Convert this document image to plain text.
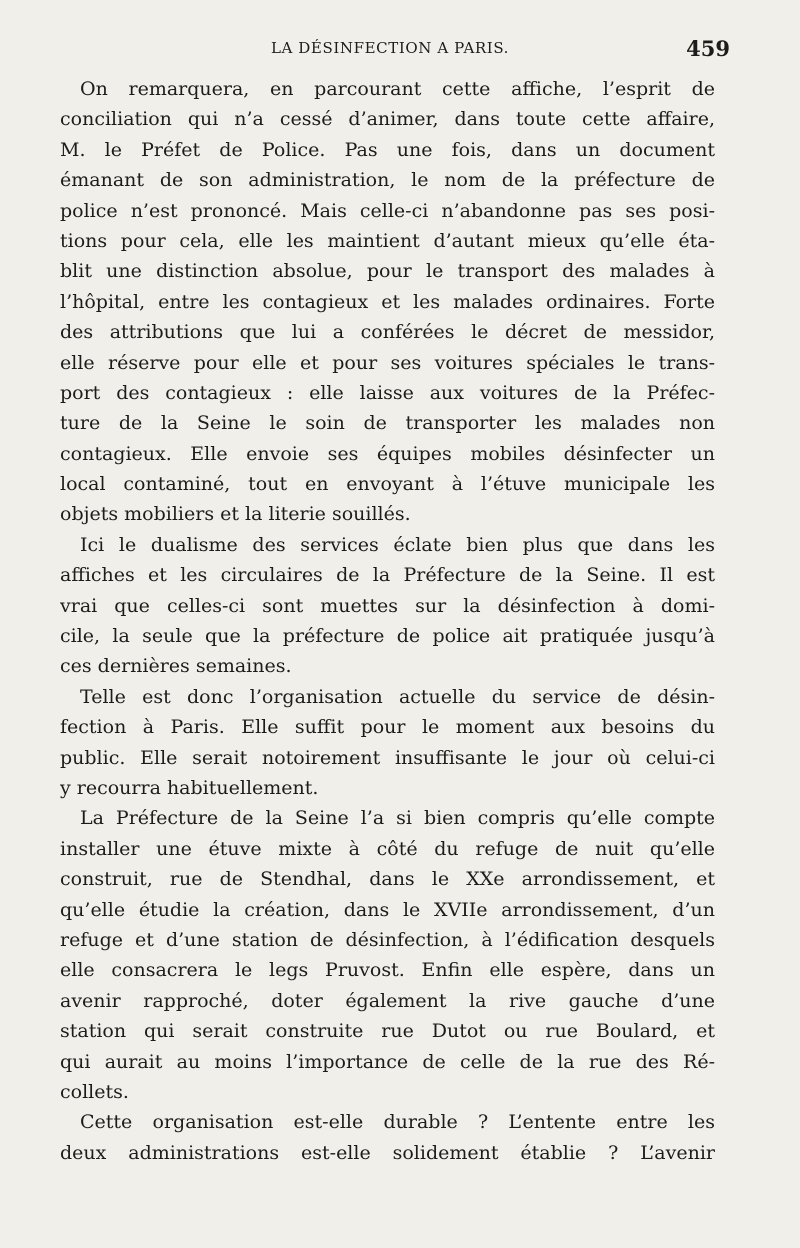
LA DÉSINFECTION A PARIS.	459
On remarquera, en parcourant cette affiche, l’esprit de
conciliation qui n’a cessé d’animer, dans toute cette affaire,
M. le Préfet de Police. Pas une fois, dans un document
émanant de son administration, le nom de la préfecture de
police n’est prononcé. Mais celle-ci n’abandonne pas ses posi-
tions pour cela, elle les maintient d’autant mieux qu’elle éta-
blit une distinction absolue, pour le transport des malades à
l’hôpital, entre les contagieux et les malades ordinaires. Forte
des attributions que lui a conférées le décret de messidor,
elle réserve pour elle et pour ses voitures spéciales le trans-
port des contagieux : elle laisse aux voitures de la Préfec-
ture de la Seine le soin de transporter les malades non
contagieux. Elle envoie ses équipes mobiles désinfecter un
local contaminé, tout en envoyant à l’étuve municipale les
objets mobiliers et la literie souillés.
Ici le dualisme des services éclate bien plus que dans les
affiches et les circulaires de la Préfecture de la Seine. Il est
vrai que celles-ci sont muettes sur la désinfection à domi-
cile, la seule que la préfecture de police ait pratiquée jusqu’à
ces dernières semaines.
Telle est donc l’organisation actuelle du service de désin-
fection à Paris. Elle suffit pour le moment aux besoins du
public. Elle serait notoirement insuffisante le jour où celui-ci
y recourra habituellement.
La Préfecture de la Seine l’a si bien compris qu’elle compte
installer une étuve mixte à côté du refuge de nuit qu’elle
construit, rue de Stendhal, dans le XXe arrondissement, et
qu’elle étudie la création, dans le XVIIe arrondissement, d’un
refuge et d’une station de désinfection, à l’édification desquels
elle consacrera le legs Pruvost. Enfin elle espère, dans un
avenir rapproché, doter également la rive gauche d’une
station qui serait construite rue Dutot ou rue Boulard, et
qui aurait au moins l’importance de celle de la rue des Ré-
collets.
Cette organisation est-elle durable ? L’entente entre les
deux administrations est-elle solidement établie ? L’avenir
